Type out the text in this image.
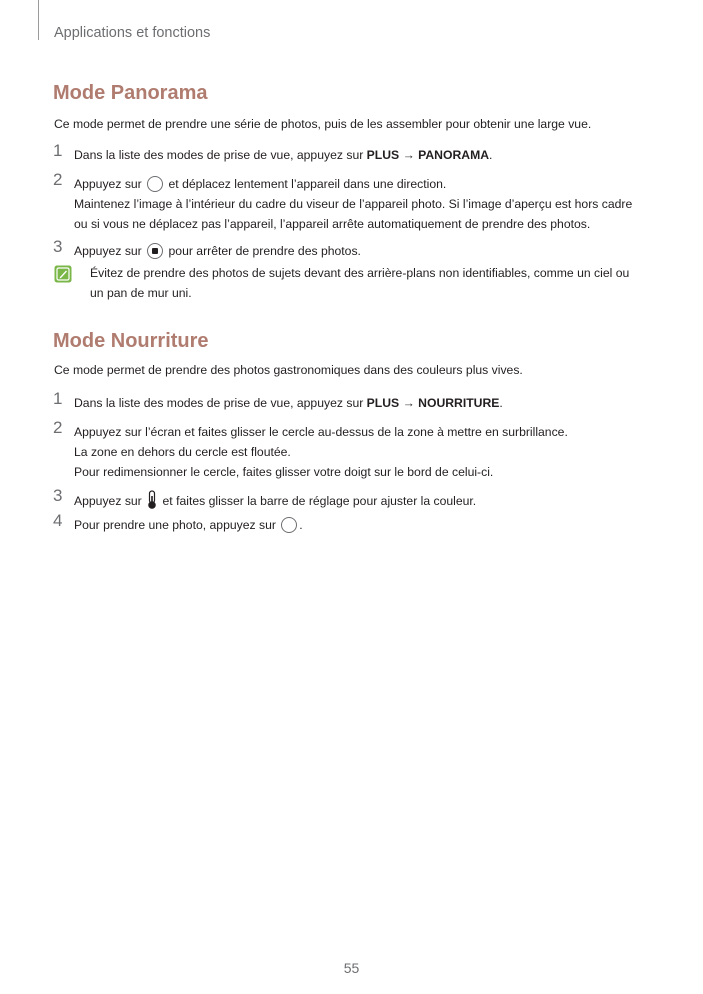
Applications et fonctions
Mode Panorama
Ce mode permet de prendre une série de photos, puis de les assembler pour obtenir une large vue.
1 Dans la liste des modes de prise de vue, appuyez sur PLUS → PANORAMA.
2 Appuyez sur  et déplacez lentement l’appareil dans une direction.
Maintenez l’image à l’intérieur du cadre du viseur de l’appareil photo. Si l’image d’aperçu est hors cadre
ou si vous ne déplacez pas l’appareil, l’appareil arrête automatiquement de prendre des photos.
3 Appuyez sur  pour arrêter de prendre des photos.
Évitez de prendre des photos de sujets devant des arrière-plans non identifiables, comme un ciel ou
un pan de mur uni.
Mode Nourriture
Ce mode permet de prendre des photos gastronomiques dans des couleurs plus vives.
1 Dans la liste des modes de prise de vue, appuyez sur PLUS → NOURRITURE.
2 Appuyez sur l’écran et faites glisser le cercle au-dessus de la zone à mettre en surbrillance.
La zone en dehors du cercle est floutée.
Pour redimensionner le cercle, faites glisser votre doigt sur le bord de celui-ci.
3 Appuyez sur  et faites glisser la barre de réglage pour ajuster la couleur.
4 Pour prendre une photo, appuyez sur .
55
